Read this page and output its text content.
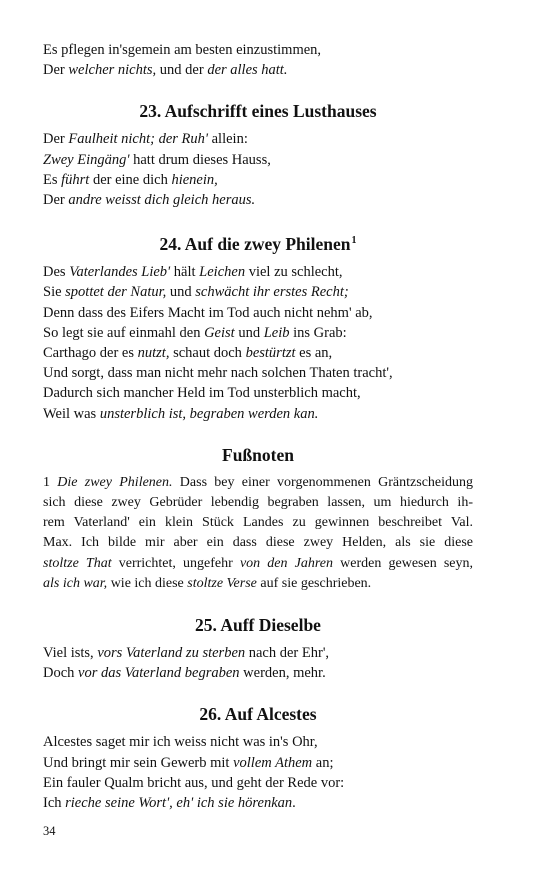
Es pflegen in'sgemein am besten einzustimmen,
Der welcher nichts, und der der alles hatt.
23. Aufschrifft eines Lusthauses
Der Faulheit nicht; der Ruh' allein:
Zwey Eingäng' hatt drum dieses Hauss,
Es führt der eine dich hienein,
Der andre weisst dich gleich heraus.
24. Auf die zwey Philenen$^1$
Des Vaterlandes Lieb' hält Leichen viel zu schlecht,
Sie spottet der Natur, und schwächt ihr erstes Recht;
Denn dass des Eifers Macht im Tod auch nicht nehm' ab,
So legt sie auf einmahl den Geist und Leib ins Grab:
Carthago der es nutzt, schaut doch bestürtzt es an,
Und sorgt, dass man nicht mehr nach solchen Thaten tracht',
Dadurch sich mancher Held im Tod unsterblich macht,
Weil was unsterblich ist, begraben werden kan.
Fußnoten
1 Die zwey Philenen. Dass bey einer vorgenommenen Gräntzscheidung
sich diese zwey Gebrüder lebendig begraben lassen, um hiedurch ih-
rem Vaterland' ein klein Stück Landes zu gewinnen beschreibet Val.
Max. Ich bilde mir aber ein dass diese zwey Helden, als sie diese
stoltze That verrichtet, ungefehr von den Jahren werden gewesen seyn,
als ich war, wie ich diese stoltze Verse auf sie geschrieben.
25. Auff Dieselbe
Viel ists, vors Vaterland zu sterben nach der Ehr',
Doch vor das Vaterland begraben werden, mehr.
26. Auf Alcestes
Alcestes saget mir ich weiss nicht was in's Ohr,
Und bringt mir sein Gewerb mit vollem Athem an;
Ein fauler Qualm bricht aus, und geht der Rede vor:
Ich rieche seine Wort', eh' ich sie hörenkan.
34
